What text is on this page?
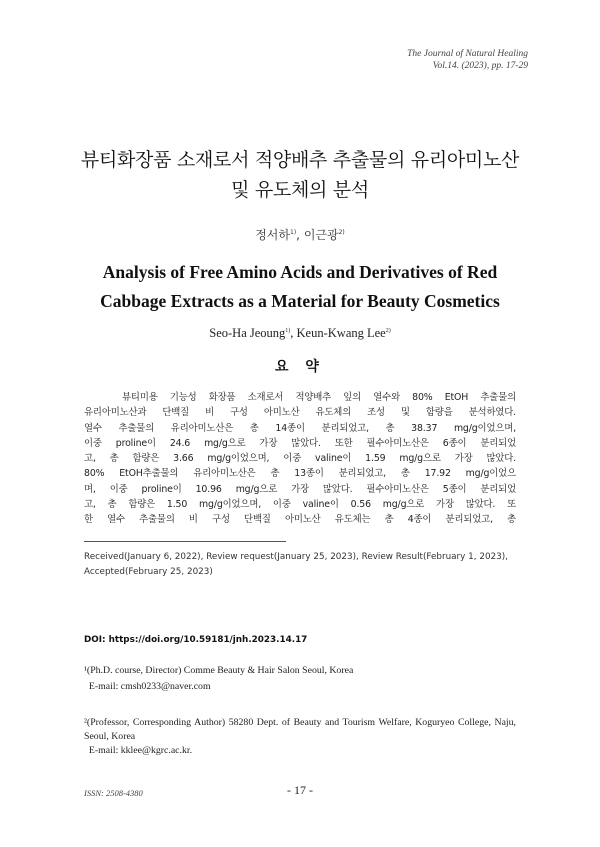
The Journal of Natural Healing
Vol.14. (2023), pp. 17-29
뷰티화장품 소재로서 적양배추 추출물의 유리아미노산
및 유도체의 분석
정서하$^{1)}$, 이근광$^{2)}$
Analysis of Free Amino Acids and Derivatives of Red
Cabbage Extracts as a Material for Beauty Cosmetics
Seo-Ha Jeoung$^{1)}$, Keun-Kwang Lee$^{2)}$
요 약
뷰티미용 기능성 화장품 소재로서 적양배추 잎의 열수와 80% EtOH 추출물의
유리아미노산과 단백질 비 구성 아미노산 유도체의 조성 및 함량을 분석하였다.
열수 추출물의 유리아미노산은 총 14종이 분리되었고, 총 38.37 mg/g이었으며,
이중 proline이 24.6 mg/g으로 가장 많았다. 또한 필수아미노산은 6종이 분리되었
고, 총 함량은 3.66 mg/g이었으며, 이중 valine이 1.59 mg/g으로 가장 많았다.
80% EtOH추출물의 유리아미노산은 총 13종이 분리되었고, 총 17.92 mg/g이었으
며, 이중 proline이 10.96 mg/g으로 가장 많았다. 필수아미노산은 5종이 분리되었
고, 총 함량은 1.50 mg/g이었으며, 이중 valine이 0.56 mg/g으로 가장 많았다. 또
한 열수 추출물의 비 구성 단백질 아미노산 유도체는 총 4종이 분리되었고, 총
Received(January 6, 2022), Review request(January 25, 2023), Review Result(February 1, 2023),
Accepted(February 25, 2023)
DOI: https://doi.org/10.59181/jnh.2023.14.17
¹(Ph.D. course, Director) Comme Beauty & Hair Salon Seoul, Korea
E-mail: cmsh0233@naver.com
²(Professor, Corresponding Author) 58280 Dept. of Beauty and Tourism Welfare, Koguryeo College, Naju, Seoul, Korea
E-mail: kklee@kgrc.ac.kr.
ISSN: 2508-4380	- 17 -
